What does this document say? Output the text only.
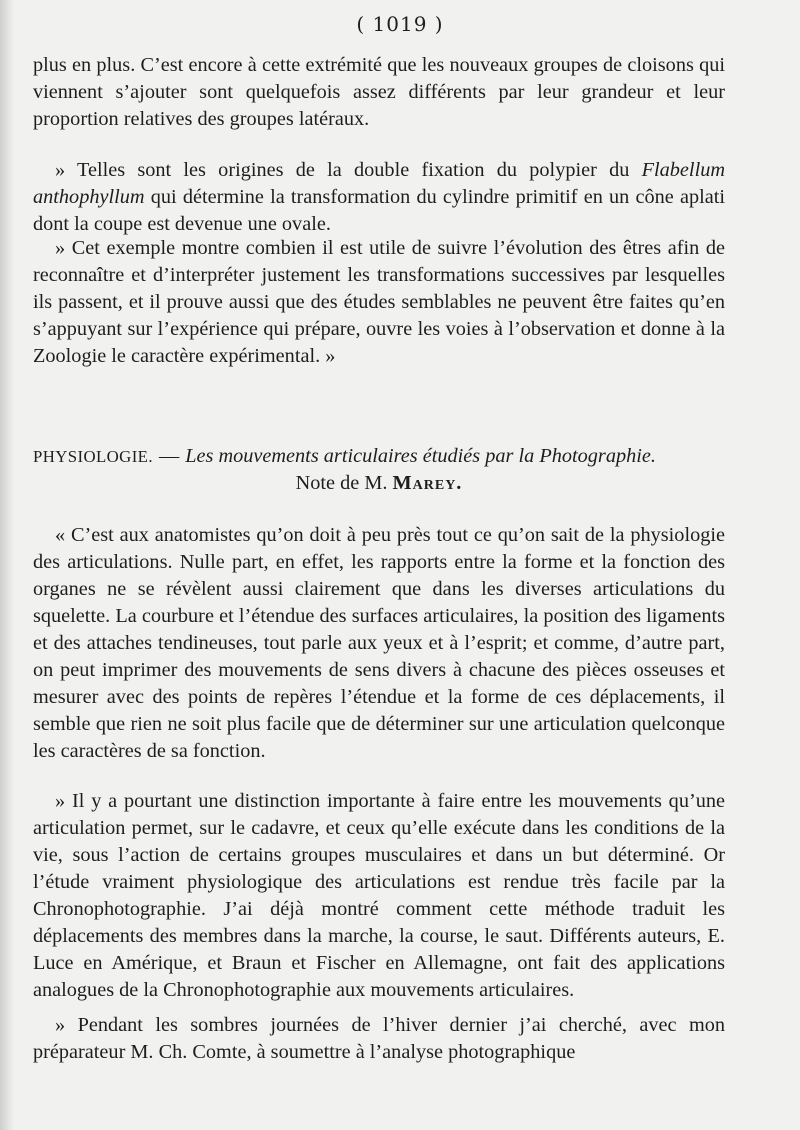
( 1019 )

plus en plus. C’est encore à cette extrémité que les nouveaux groupes de cloisons qui viennent s’ajouter sont quelquefois assez différents par leur grandeur et leur proportion relatives des groupes latéraux.

» Telles sont les origines de la double fixation du polypier du Flabellum anthophyllum qui détermine la transformation du cylindre primitif en un cône aplati dont la coupe est devenue une ovale.

» Cet exemple montre combien il est utile de suivre l’évolution des êtres afin de reconnaître et d’interpréter justement les transformations successives par lesquelles ils passent, et il prouve aussi que des études semblables ne peuvent être faites qu’en s’appuyant sur l’expérience qui prépare, ouvre les voies à l’observation et donne à la Zoologie le caractère expérimental. »

PHYSIOLOGIE. — Les mouvements articulaires étudiés par la Photographie.
Note de M. Marey.

« C’est aux anatomistes qu’on doit à peu près tout ce qu’on sait de la physiologie des articulations. Nulle part, en effet, les rapports entre la forme et la fonction des organes ne se révèlent aussi clairement que dans les diverses articulations du squelette. La courbure et l’étendue des surfaces articulaires, la position des ligaments et des attaches tendineuses, tout parle aux yeux et à l’esprit; et comme, d’autre part, on peut imprimer des mouvements de sens divers à chacune des pièces osseuses et mesurer avec des points de repères l’étendue et la forme de ces déplacements, il semble que rien ne soit plus facile que de déterminer sur une articulation quelconque les caractères de sa fonction.

» Il y a pourtant une distinction importante à faire entre les mouvements qu’une articulation permet, sur le cadavre, et ceux qu’elle exécute dans les conditions de la vie, sous l’action de certains groupes musculaires et dans un but déterminé. Or l’étude vraiment physiologique des articulations est rendue très facile par la Chronophotographie. J’ai déjà montré comment cette méthode traduit les déplacements des membres dans la marche, la course, le saut. Différents auteurs, E. Luce en Amérique, et Braun et Fischer en Allemagne, ont fait des applications analogues de la Chronophotographie aux mouvements articulaires.

» Pendant les sombres journées de l’hiver dernier j’ai cherché, avec mon préparateur M. Ch. Comte, à soumettre à l’analyse photographique
